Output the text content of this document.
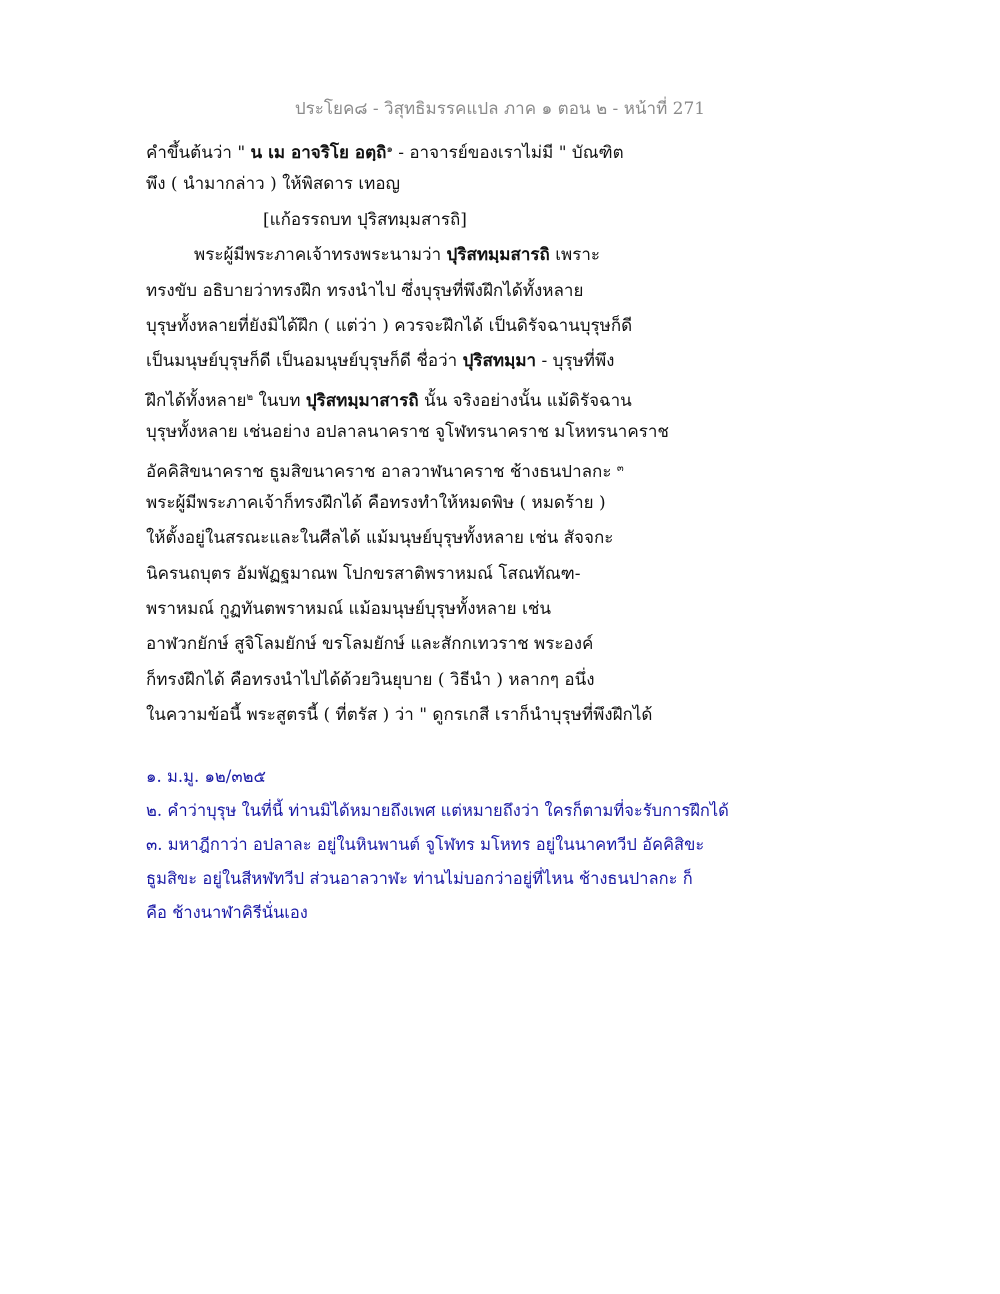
ประโยค๘ - วิสุทธิมรรคแปล ภาค ๑ ตอน ๒ - หน้าที่ 271
คำขึ้นต้นว่า " น เม อาจริโย อตฺถิ$^๑$ - อาจารย์ของเราไม่มี " บัณฑิต
พึง ( นำมากล่าว ) ให้พิสดาร เทอญ
[แก้อรรถบท ปุริสทมฺมสารถิ]
พระผู้มีพระภาคเจ้าทรงพระนามว่า ปุริสทมฺมสารถิ เพราะ
ทรงขับ อธิบายว่าทรงฝึก ทรงนำไป ซึ่งบุรุษที่พึงฝึกได้ทั้งหลาย
บุรุษทั้งหลายที่ยังมิได้ฝึก ( แต่ว่า ) ควรจะฝึกได้ เป็นดิรัจฉานบุรุษก็ดี
เป็นมนุษย์บุรุษก็ดี เป็นอมนุษย์บุรุษก็ดี ชื่อว่า ปุริสทมฺมา - บุรุษที่พึง
ฝึกได้ทั้งหลาย$^๒$ ในบท ปุริสทมฺมาสารถิ นั้น จริงอย่างนั้น แม้ดิรัจฉาน
บุรุษทั้งหลาย เช่นอย่าง อปลาลนาคราช จูโฬทรนาคราช มโหทรนาคราช
อัคคิสิขนาคราช ธูมสิขนาคราช อาลวาฬนาคราช ช้างธนปาลกะ $^๓$
พระผู้มีพระภาคเจ้าก็ทรงฝึกได้ คือทรงทำให้หมดพิษ ( หมดร้าย )
ให้ตั้งอยู่ในสรณะและในศีลได้ แม้มนุษย์บุรุษทั้งหลาย เช่น สัจจกะ
นิครนถบุตร อัมพัฏฐมาณพ โปกขรสาติพราหมณ์ โสณทัณฑ-
พราหมณ์ กูฏทันตพราหมณ์ แม้อมนุษย์บุรุษทั้งหลาย เช่น
อาฬวกยักษ์ สูจิโลมยักษ์ ขรโลมยักษ์ และสักกเทวราช พระองค์
ก็ทรงฝึกได้ คือทรงนำไปได้ด้วยวินยุบาย ( วิธีนำ ) หลากๆ อนึ่ง
ในความข้อนี้ พระสูตรนี้ ( ที่ตรัส ) ว่า " ดูกรเกสี เราก็นำบุรุษที่พึงฝึกได้
๑. ม.มู. ๑๒/๓๒๕
๒. คำว่าบุรุษ ในที่นี้ ท่านมิได้หมายถึงเพศ แต่หมายถึงว่า ใครก็ตามที่จะรับการฝึกได้
๓. มหาฎีกาว่า อปลาละ อยู่ในหินพานต์ จูโฬทร มโหทร อยู่ในนาคทวีป อัคคิสิขะ
ธูมสิขะ อยู่ในสีหฬทวีป ส่วนอาลวาฬะ ท่านไม่บอกว่าอยู่ที่ไหน ช้างธนปาลกะ ก็
คือ ช้างนาฬาคิรีนั่นเอง
